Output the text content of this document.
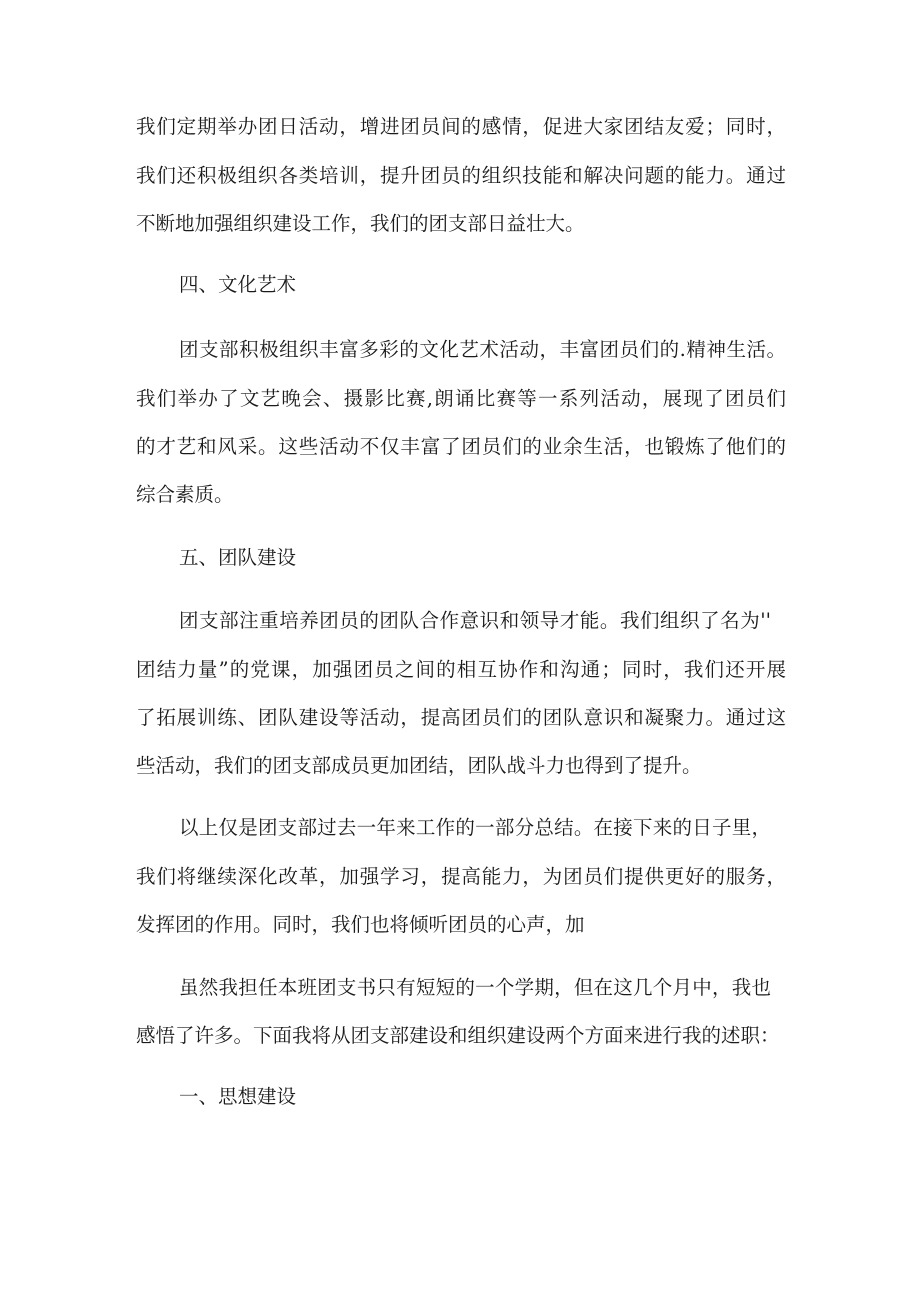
我们定期举办团日活动，增进团员间的感情，促进大家团结友爱；同时，
我们还积极组织各类培训，提升团员的组织技能和解决问题的能力。通过
不断地加强组织建设工作，我们的团支部日益壮大。
四、文化艺术
团支部积极组织丰富多彩的文化艺术活动，丰富团员们的.精神生活。
我们举办了文艺晚会、摄影比赛,朗诵比赛等一系列活动，展现了团员们
的才艺和风采。这些活动不仅丰富了团员们的业余生活，也锻炼了他们的
综合素质。
五、团队建设
团支部注重培养团员的团队合作意识和领导才能。我们组织了名为''
团结力量”的党课，加强团员之间的相互协作和沟通；同时，我们还开展
了拓展训练、团队建设等活动，提高团员们的团队意识和凝聚力。通过这
些活动，我们的团支部成员更加团结，团队战斗力也得到了提升。
以上仅是团支部过去一年来工作的一部分总结。在接下来的日子里，
我们将继续深化改革，加强学习，提高能力，为团员们提供更好的服务，
发挥团的作用。同时，我们也将倾听团员的心声，加
虽然我担任本班团支书只有短短的一个学期，但在这几个月中，我也
感悟了许多。下面我将从团支部建设和组织建设两个方面来进行我的述职：
一、思想建设
